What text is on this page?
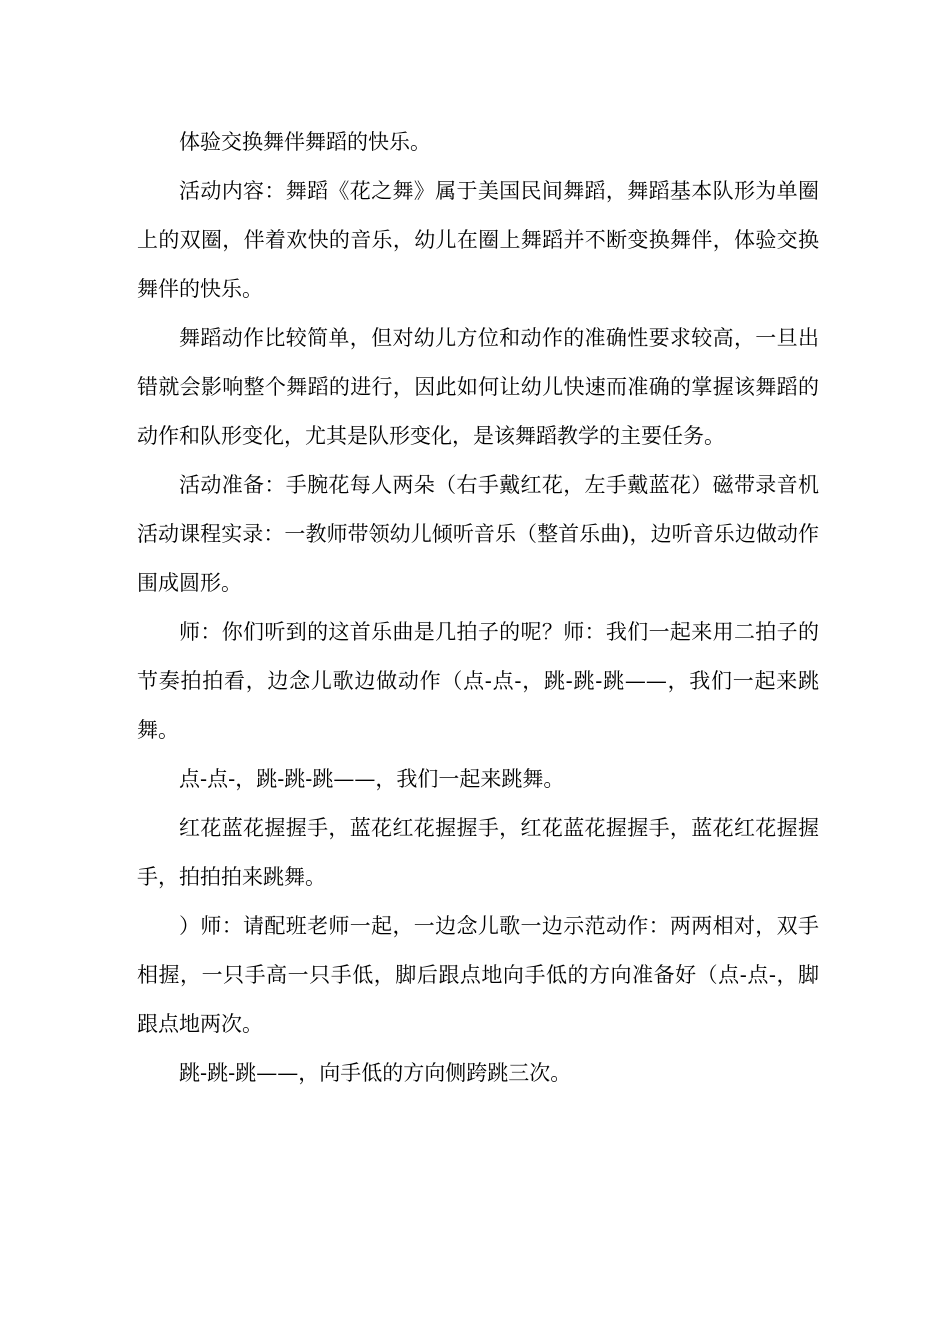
体验交换舞伴舞蹈的快乐。

活动内容：舞蹈《花之舞》属于美国民间舞蹈，舞蹈基本队形为单圈上的双圈，伴着欢快的音乐，幼儿在圈上舞蹈并不断变换舞伴，体验交换舞伴的快乐。

舞蹈动作比较简单，但对幼儿方位和动作的准确性要求较高，一旦出错就会影响整个舞蹈的进行，因此如何让幼儿快速而准确的掌握该舞蹈的动作和队形变化，尤其是队形变化，是该舞蹈教学的主要任务。

活动准备：手腕花每人两朵（右手戴红花，左手戴蓝花）磁带录音机活动课程实录：一教师带领幼儿倾听音乐（整首乐曲)，边听音乐边做动作围成圆形。

师：你们听到的这首乐曲是几拍子的呢？师：我们一起来用二拍子的节奏拍拍看，边念儿歌边做动作（点-点-，跳-跳-跳——，我们一起来跳舞。

点-点-，跳-跳-跳——，我们一起来跳舞。

红花蓝花握握手，蓝花红花握握手，红花蓝花握握手，蓝花红花握握手，拍拍拍来跳舞。

）师：请配班老师一起，一边念儿歌一边示范动作：两两相对，双手相握，一只手高一只手低，脚后跟点地向手低的方向准备好（点-点-，脚跟点地两次。

跳-跳-跳——，向手低的方向侧跨跳三次。
